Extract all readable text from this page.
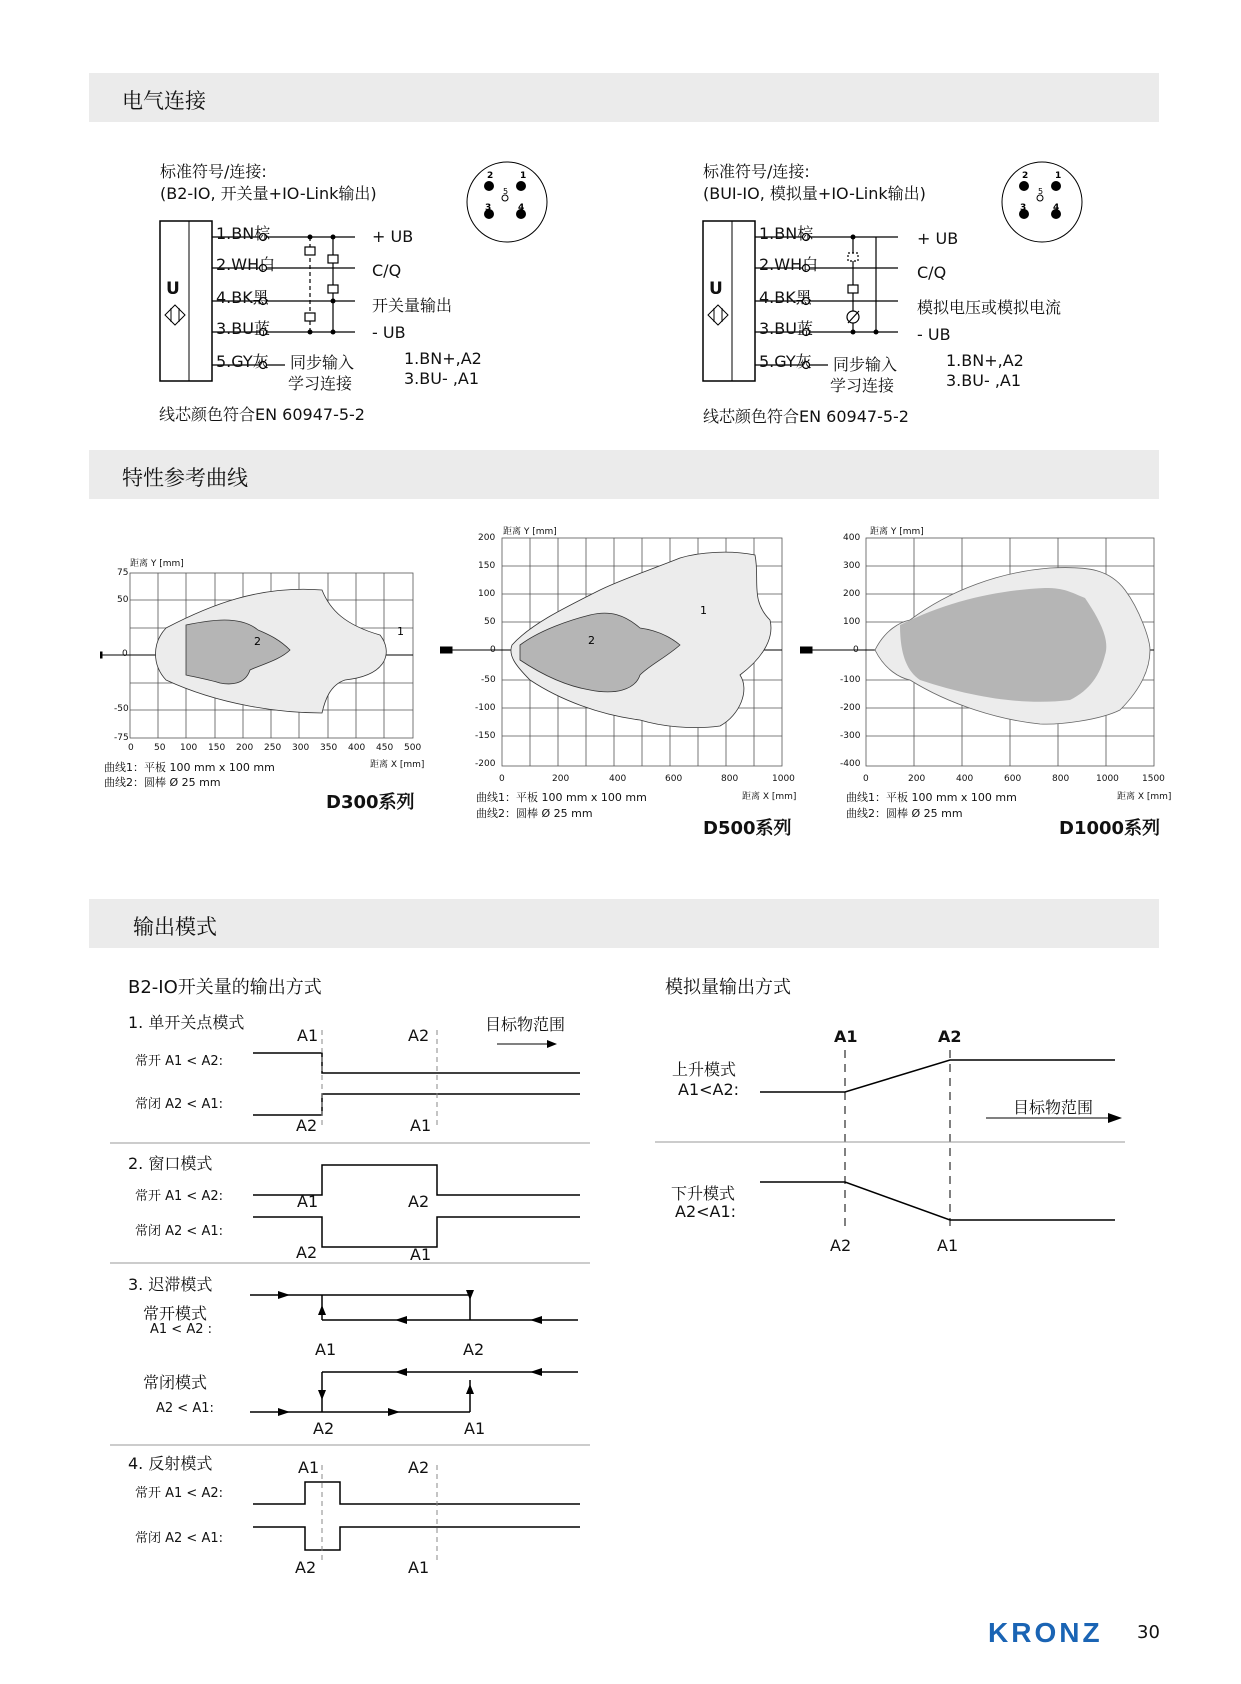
电气连接
特性参考曲线
输出模式
标准符号/连接:
(B2-IO, 开关量+IO-Link输出)
1.BN棕
2.WH白
4.BK黑
3.BU蓝
5.GY灰
U
+ UB
C/Q
开关量输出
- UB
同步输入
学习连接
1.BN+,A2
3.BU- ,A1
线芯颜色符合EN 60947-5-2
2	1
5
3	4
标准符号/连接:
(BUI-IO, 模拟量+IO-Link输出)
1.BN棕
2.WH白
4.BK黑
3.BU蓝
5.GY灰
U
+ UB
C/Q
模拟电压或模拟电流
- UB
同步输入
学习连接
1.BN+,A2
3.BU- ,A1
线芯颜色符合EN 60947-5-2
2	1
5
3	4
距离 Y [mm]
2
1
75
50
0
-50
-75
0 50 100 150 200 250 300 350 400 450 500
距离 X [mm]
曲线1：平板 100 mm x 100 mm
曲线2：圆棒 Ø 25 mm
D300系列
距离 Y [mm]
2
1
200
150
100
50
0
-50
-100
-150
-200
0	200	400	600	800	1000
距离 X [mm]
曲线1：平板 100 mm x 100 mm
曲线2：圆棒 Ø 25 mm
D500系列
距离 Y [mm]
400
300
200
100
0
-100
-200
-300
-400
0	200	400	600	800	1000	1500
距离 X [mm]
曲线1：平板 100 mm x 100 mm
曲线2：圆棒 Ø 25 mm
D1000系列
B2-IO开关量的输出方式	模拟量输出方式
1. 单开关点模式	目标物范围
A1	A2
常开 A1 < A2:
常闭 A2 < A1:
A2	A1
2. 窗口模式
常开 A1 < A2:
常闭 A2 < A1:
A1	A2
A2	A1
3. 迟滞模式
常开模式
A1 < A2 :
A1	A2
常闭模式
A2 < A1:
A2	A1
4. 反射模式	A1	A2
常开 A1 < A2:
常闭 A2 < A1:
A2	A1
A1	A2
上升模式
A1<A2:
目标物范围
下升模式
A2<A1:
A2	A1
KRONZ 30
